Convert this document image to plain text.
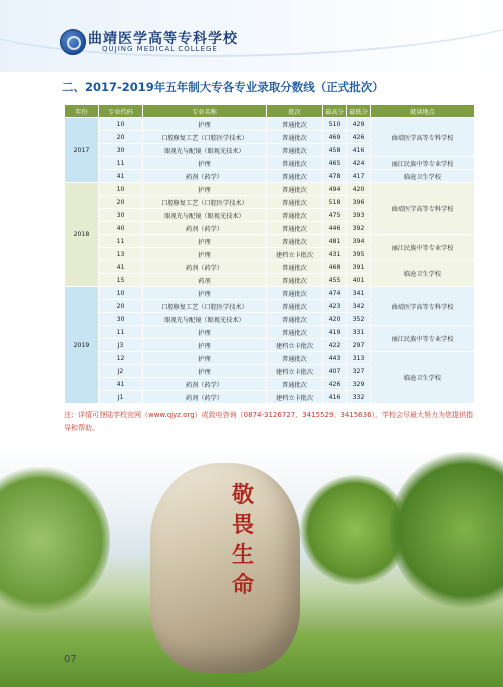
曲靖医学高等专科学校
QUJING MEDICAL COLLEGE
二、2017-2019年五年制大专各专业录取分数线（正式批次）
年份	专业代码	专业名称	批次	最高分	最低分	就读地点
2017	10	护理	普通批次	510	429	曲靖医学高等专科学校
	20	口腔修复工艺（口腔医学技术）	普通批次	469	426	
	30	眼视光与配镜（眼视光技术）	普通批次	458	416	
	11	护理	普通批次	465	424	丽江民族中等专业学校
	41	药剂（药学）	普通批次	478	417	临沧卫生学校
2018	10	护理	普通批次	494	420	曲靖医学高等专科学校
	20	口腔修复工艺（口腔医学技术）	普通批次	518	396	
	30	眼视光与配镜（眼视光技术）	普通批次	475	393	
	40	药剂（药学）	普通批次	446	392	
	11	护理	普通批次	481	394	丽江民族中等专业学校
	13	护理	建档立卡批次	431	395	
	41	药剂（药学）	普通批次	468	391	临沧卫生学校
	15	药剂	普通批次	455	401	
2019	10	护理	普通批次	474	341	曲靖医学高等专科学校
	20	口腔修复工艺（口腔医学技术）	普通批次	423	342	
	30	眼视光与配镜（眼视光技术）	普通批次	420	352	
	11	护理	普通批次	419	331	丽江民族中等专业学校
	J3	护理	建档立卡批次	422	297	
	12	护理	普通批次	443	313	临沧卫生学校
	J2	护理	建档立卡批次	407	327	
	41	药剂（药学）	普通批次	426	329	
	J1	药剂（药学）	建档立卡批次	416	332	
注：详情可登陆学校官网（www.qjyz.org）或致电咨询（0874-3126727、3415529、3415636），学校会尽最大努力为您提供指导和帮助。
敬畏生命
07
